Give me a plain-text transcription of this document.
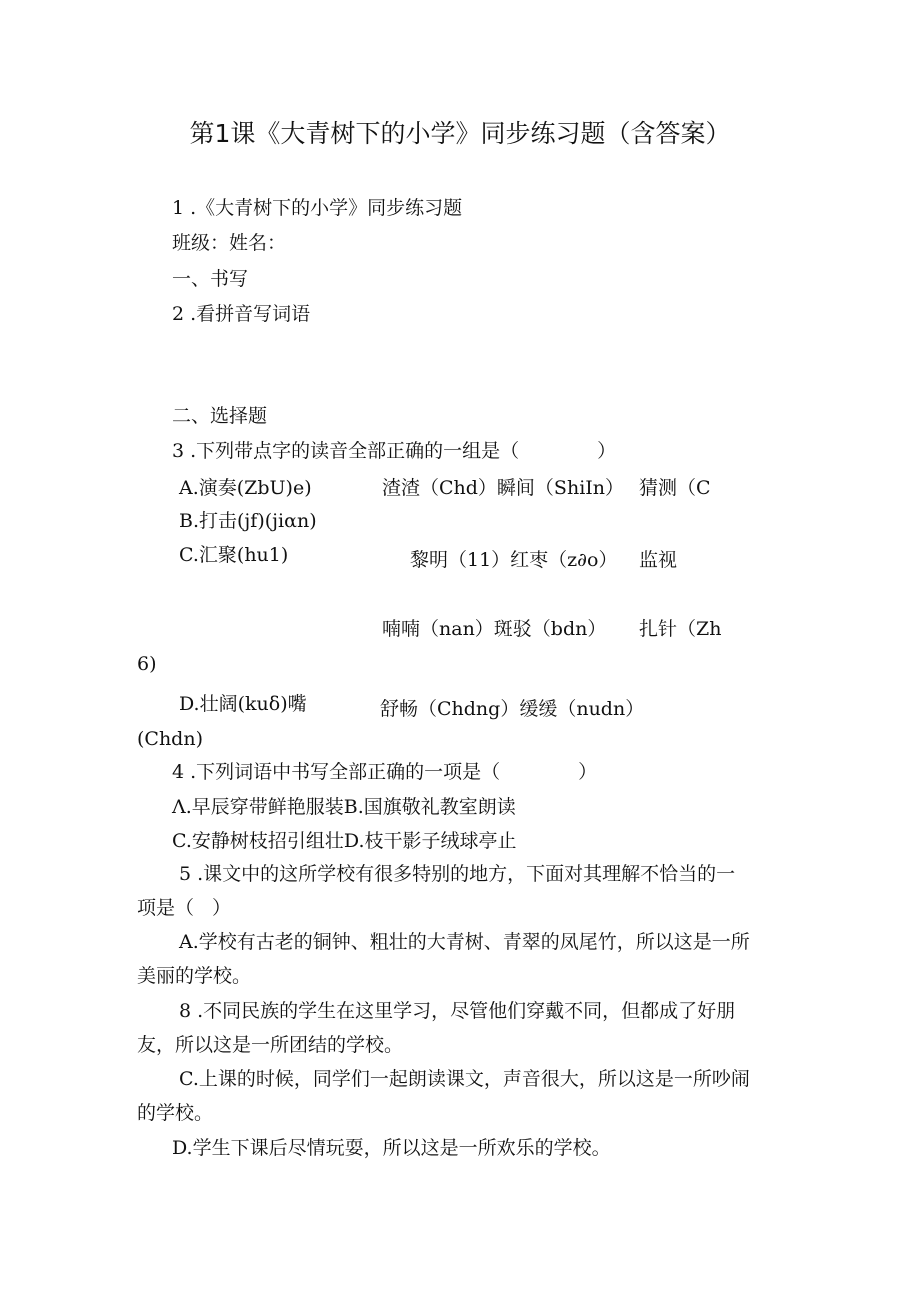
第1课《大青树下的小学》同步练习题（含答案）
1 .《大青树下的小学》同步练习题
班级：姓名：
一、书写
2 .看拼音写词语
二、选择题
3 .下列带点字的读音全部正确的一组是（	）
A.演奏(ZbU)e)	渣渣（Chd）瞬间（ShiIn） 猜测（C
B.打击(jf)(jiαn)
C.汇聚(hu1)	黎明（11）红枣（z∂o） 监视
喃喃（nan）斑驳（bdn） 扎针（Zh
6)
D.壮阔(kuδ)嘴	舒畅（Chdng）缓缓（nudn）
(Chdn)
4 .下列词语中书写全部正确的一项是（	）
Λ.早辰穿带鲜艳服装B.国旗敬礼教室朗读
C.安静树枝招引组壮D.枝干影子绒球亭止
5 .课文中的这所学校有很多特别的地方，下面对其理解不恰当的一
项是（ ）
A.学校有古老的铜钟、粗壮的大青树、青翠的凤尾竹，所以这是一所
美丽的学校。
8 .不同民族的学生在这里学习，尽管他们穿戴不同，但都成了好朋
友，所以这是一所团结的学校。
C.上课的时候，同学们一起朗读课文，声音很大，所以这是一所吵闹
的学校。
D.学生下课后尽情玩耍，所以这是一所欢乐的学校。
